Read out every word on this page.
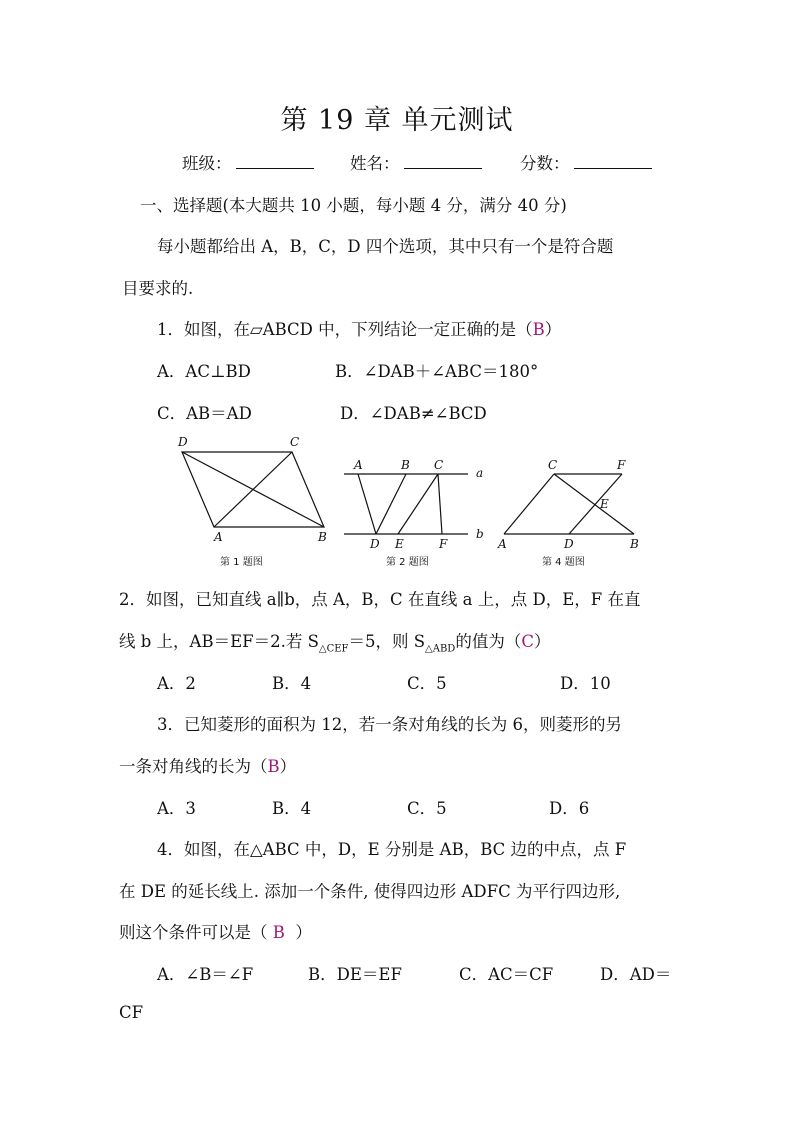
第 19 章 单元测试
班级：	姓名：	分数：
一、选择题(本大题共 10 小题，每小题 4 分，满分 40 分)
每小题都给出 A，B，C，D 四个选项，其中只有一个是符合题
目要求的.
1．如图，在▱ABCD 中，下列结论一定正确的是（B）
A．AC⊥BD	B．∠DAB＋∠ABC＝180°
C．AB＝AD	D．∠DAB≠∠BCD
D	C
A	B
第 1 题图
A	B C
a
D E	F
b
第 2 题图
C	F
E
A	D	B
第 4 题图
2．如图，已知直线 a∥b，点 A，B，C 在直线 a 上，点 D，E，F 在直
线 b 上，AB＝EF＝2.若 $S_{\triangle CEF}=5$，则 $S_{\triangle ABD}$的值为（C）
A．2	B．4	C．5	D．10
3．已知菱形的面积为 12，若一条对角线的长为 6，则菱形的另
一条对角线的长为（B）
A．3	B．4	C．5	D．6
4．如图，在△ABC 中，D，E 分别是 AB，BC 边的中点，点 F
在 DE 的延长线上. 添加一个条件, 使得四边形 ADFC 为平行四边形,
则这个条件可以是（ B ）
A．∠B＝∠F	B．DE＝EF	C．AC＝CF	D．AD＝
CF
